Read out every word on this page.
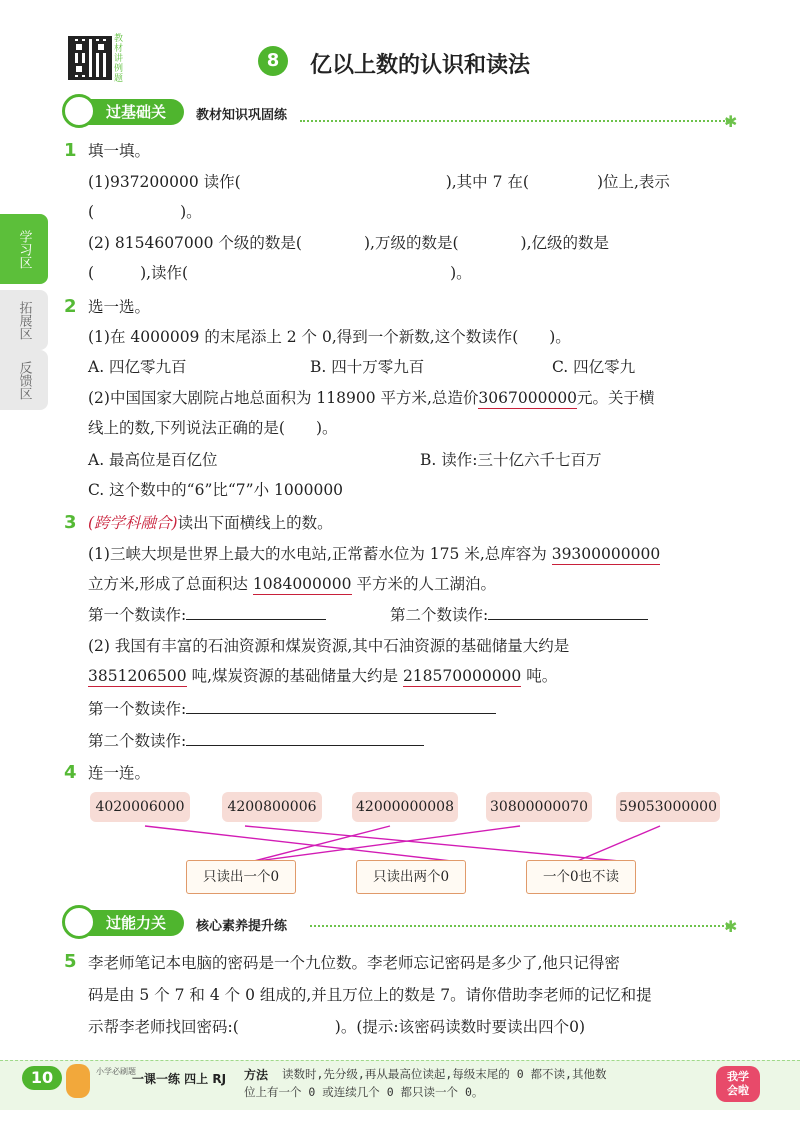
教材讲例题
8	亿以上数的认识和读法
✱
过基础关	教材知识巩固练
学习区
拓展区
反馈区
1 填一填。
(1)937200000 读作(	),其中 7 在(	)位上,表示
(	)。
(2) 8154607000 个级的数是(	),万级的数是(	),亿级的数是
(	),读作(	)。
2 选一选。
(1)在 4000009 的末尾添上 2 个 0,得到一个新数,这个数读作(　　)。
A. 四亿零九百	B. 四十万零九百	C. 四亿零九
(2)中国国家大剧院占地总面积为 118900 平方米,总造价3067000000元。关于横
线上的数,下列说法正确的是(　　)。
A. 最高位是百亿位	B. 读作:三十亿六千七百万
C. 这个数中的“6”比“7”小 1000000
3 (跨学科融合)读出下面横线上的数。
(1)三峡大坝是世界上最大的水电站,正常蓄水位为 175 米,总库容为 39300000000
立方米,形成了总面积达 1084000000 平方米的人工湖泊。
第一个数读作:	第二个数读作:
(2) 我国有丰富的石油资源和煤炭资源,其中石油资源的基础储量大约是
3851206500 吨,煤炭资源的基础储量大约是 218570000000 吨。
第一个数读作:
第二个数读作:
4 连一连。
4020006000	4200800006	42000000008	30800000070 59053000000
只读出一个0	只读出两个0	一个0也不读
✱
过能力关	核心素养提升练
5 李老师笔记本电脑的密码是一个九位数。李老师忘记密码是多少了,他只记得密
码是由 5 个 7 和 4 个 0 组成的,并且万位上的数是 7。请你借助李老师的记忆和提
示帮李老师找回密码:(	)。(提示:该密码读数时要读出四个0)
10	小学必刷题
一课一练 四上 RJ 方法 读数时,先分级,再从最高位读起,每级末尾的 0 都不读,其他数
位上有一个 0 或连续几个 0 都只读一个 0。
我学会啦
